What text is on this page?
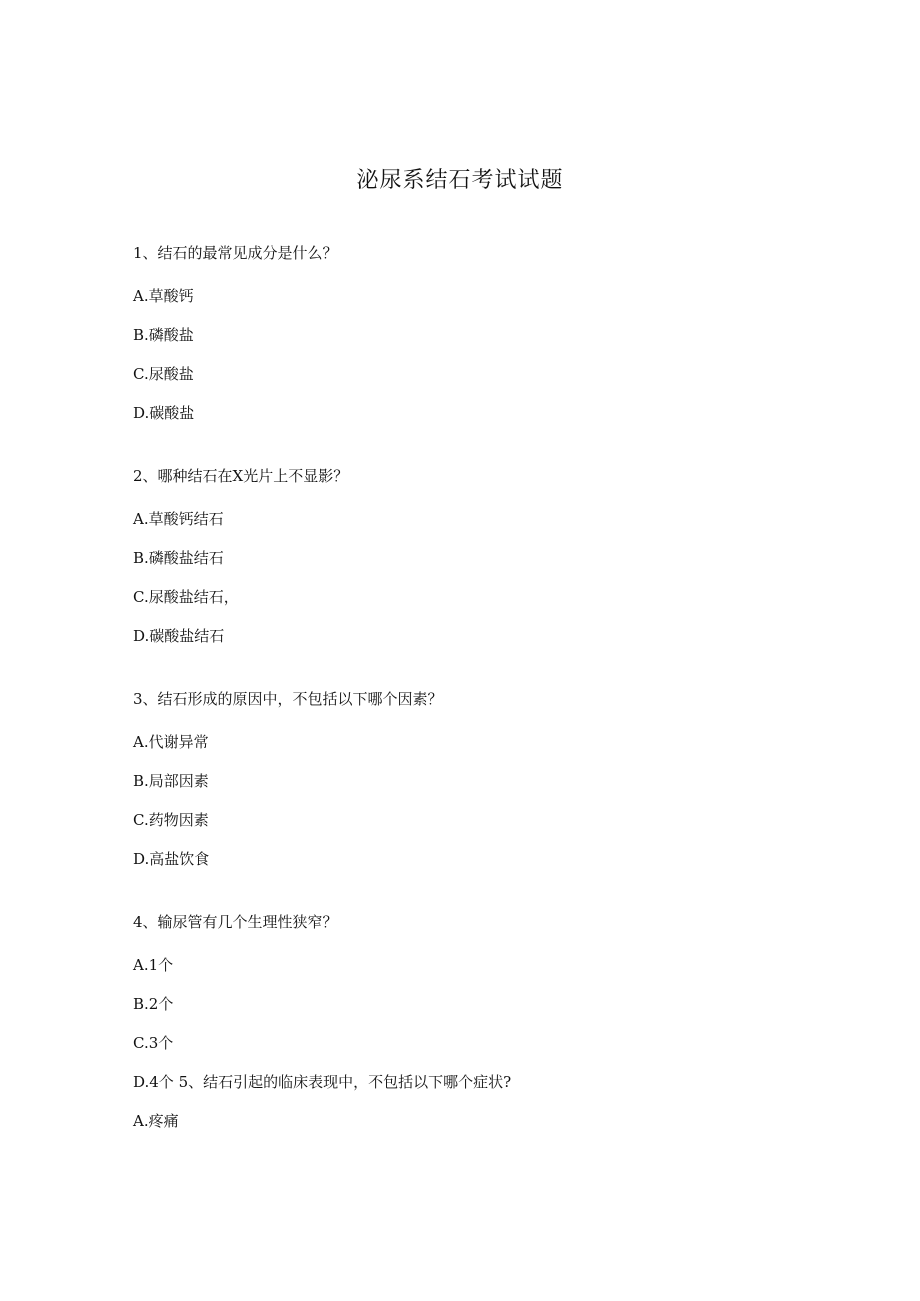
泌尿系结石考试试题
1、结石的最常见成分是什么？
A.草酸钙
B.磷酸盐
C.尿酸盐
D.碳酸盐
2、哪种结石在X光片上不显影？
A.草酸钙结石
B.磷酸盐结石
C.尿酸盐结石，
D.碳酸盐结石
3、结石形成的原因中，不包括以下哪个因素？
A.代谢异常
B.局部因素
C.药物因素
D.高盐饮食
4、输尿管有几个生理性狭窄？
A.1个
B.2个
C.3个
D.4个 5、结石引起的临床表现中，不包括以下哪个症状?
A.疼痛
